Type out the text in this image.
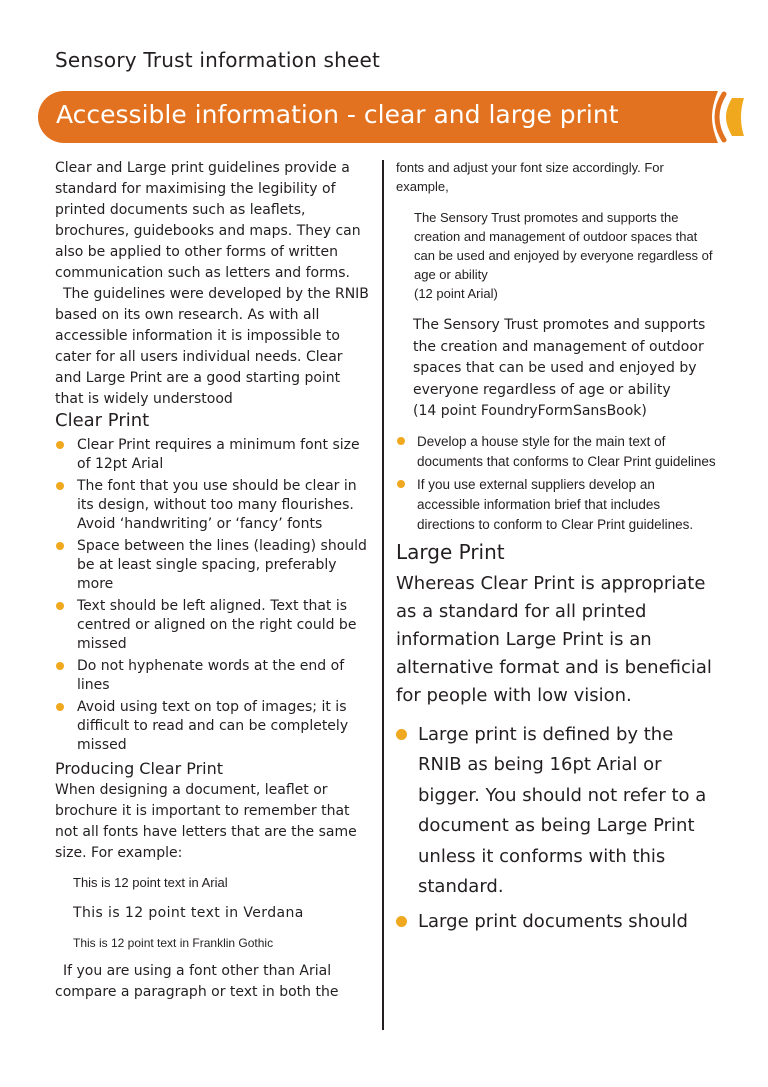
Sensory Trust information sheet
Accessible information - clear and large print

Clear and Large print guidelines provide a standard for maximising the legibility of printed documents such as leaflets, brochures, guidebooks and maps. They can also be applied to other forms of written communication such as letters and forms.

The guidelines were developed by the RNIB based on its own research. As with all accessible information it is impossible to cater for all users individual needs. Clear and Large Print are a good starting point that is widely understood

Clear Print
Clear Print requires a minimum font size of 12pt Arial
The font that you use should be clear in its design, without too many flourishes. Avoid ‘handwriting’ or ‘fancy’ fonts
Space between the lines (leading) should be at least single spacing, preferably more
Text should be left aligned. Text that is centred or aligned on the right could be missed
Do not hyphenate words at the end of lines
Avoid using text on top of images; it is difficult to read and can be completely missed
Producing Clear Print

When designing a document, leaflet or brochure it is important to remember that not all fonts have letters that are the same size. For example:

This is 12 point text in Arial

This is 12 point text in Verdana

This is 12 point text in Franklin Gothic

If you are using a font other than Arial compare a paragraph or text in both the

fonts and adjust your font size accordingly. For example,

The Sensory Trust promotes and supports the creation and management of outdoor spaces that can be used and enjoyed by everyone regardless of age or ability
(12 point Arial)
The Sensory Trust promotes and supports the creation and management of outdoor spaces that can be used and enjoyed by everyone regardless of age or ability
(14 point FoundryFormSansBook)
Develop a house style for the main text of documents that conforms to Clear Print guidelines
If you use external suppliers develop an accessible information brief that includes directions to conform to Clear Print guidelines.
Large Print

Whereas Clear Print is appropriate as a standard for all printed information Large Print is an alternative format and is beneficial for people with low vision.

Large print is defined by the RNIB as being 16pt Arial or bigger. You should not refer to a document as being Large Print unless it conforms with this standard.
Large print documents should
